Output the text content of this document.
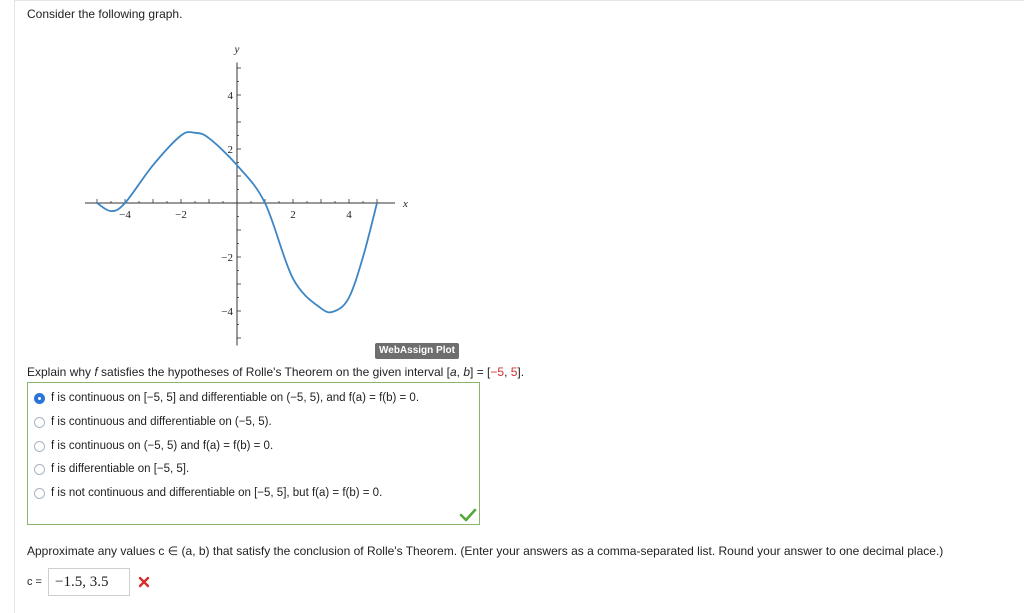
Consider the following graph.
x
y
−4	−2	2	4
4
2
−2
−4
WebAssign Plot
Explain why f satisfies the hypotheses of Rolle's Theorem on the given interval [a, b] = [−5, 5].
f is continuous on [−5, 5] and differentiable on (−5, 5), and f(a) = f(b) = 0.
f is continuous and differentiable on (−5, 5).
f is continuous on (−5, 5) and f(a) = f(b) = 0.
f is differentiable on [−5, 5].
f is not continuous and differentiable on [−5, 5], but f(a) = f(b) = 0.
Approximate any values c ∈ (a, b) that satisfy the conclusion of Rolle's Theorem. (Enter your answers as a comma-separated list. Round your answer to one decimal place.)
c = −1.5, 3.5
